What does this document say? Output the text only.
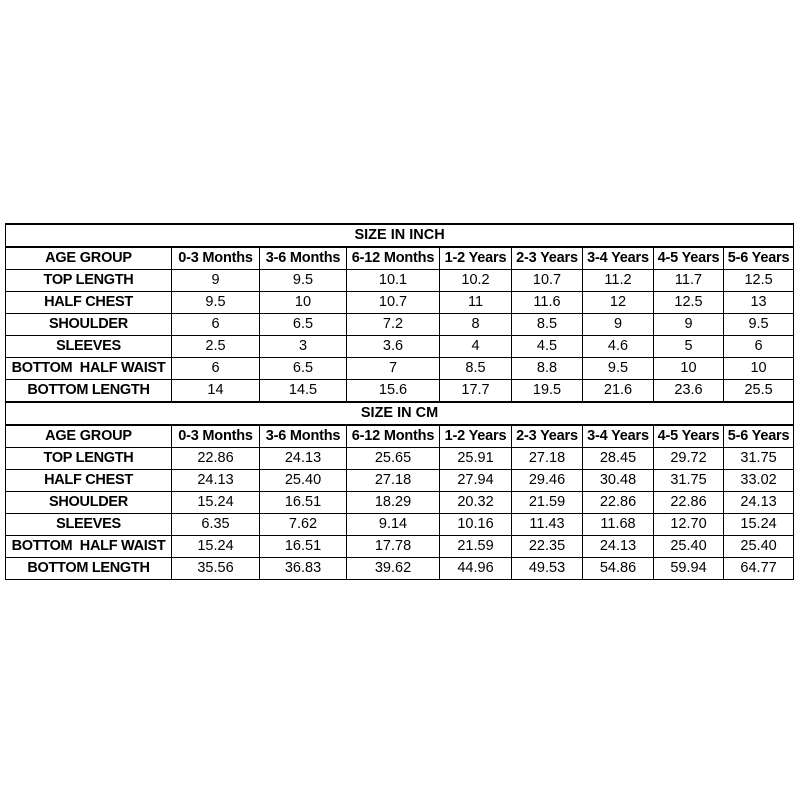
SIZE IN INCH								
AGE GROUP	0-3 Months	3-6 Months	6-12 Months	1-2 Years	2-3 Years	3-4 Years	4-5 Years	5-6 Years
TOP LENGTH	9	9.5	10.1	10.2	10.7	11.2	11.7	12.5
HALF CHEST	9.5	10	10.7	11	11.6	12	12.5	13
SHOULDER	6	6.5	7.2	8	8.5	9	9	9.5
SLEEVES	2.5	3	3.6	4	4.5	4.6	5	6
BOTTOM  HALF WAIST	6	6.5	7	8.5	8.8	9.5	10	10
BOTTOM LENGTH	14	14.5	15.6	17.7	19.5	21.6	23.6	25.5
SIZE IN CM								
AGE GROUP	0-3 Months	3-6 Months	6-12 Months	1-2 Years	2-3 Years	3-4 Years	4-5 Years	5-6 Years
TOP LENGTH	22.86	24.13	25.65	25.91	27.18	28.45	29.72	31.75
HALF CHEST	24.13	25.40	27.18	27.94	29.46	30.48	31.75	33.02
SHOULDER	15.24	16.51	18.29	20.32	21.59	22.86	22.86	24.13
SLEEVES	6.35	7.62	9.14	10.16	11.43	11.68	12.70	15.24
BOTTOM  HALF WAIST	15.24	16.51	17.78	21.59	22.35	24.13	25.40	25.40
BOTTOM LENGTH	35.56	36.83	39.62	44.96	49.53	54.86	59.94	64.77
